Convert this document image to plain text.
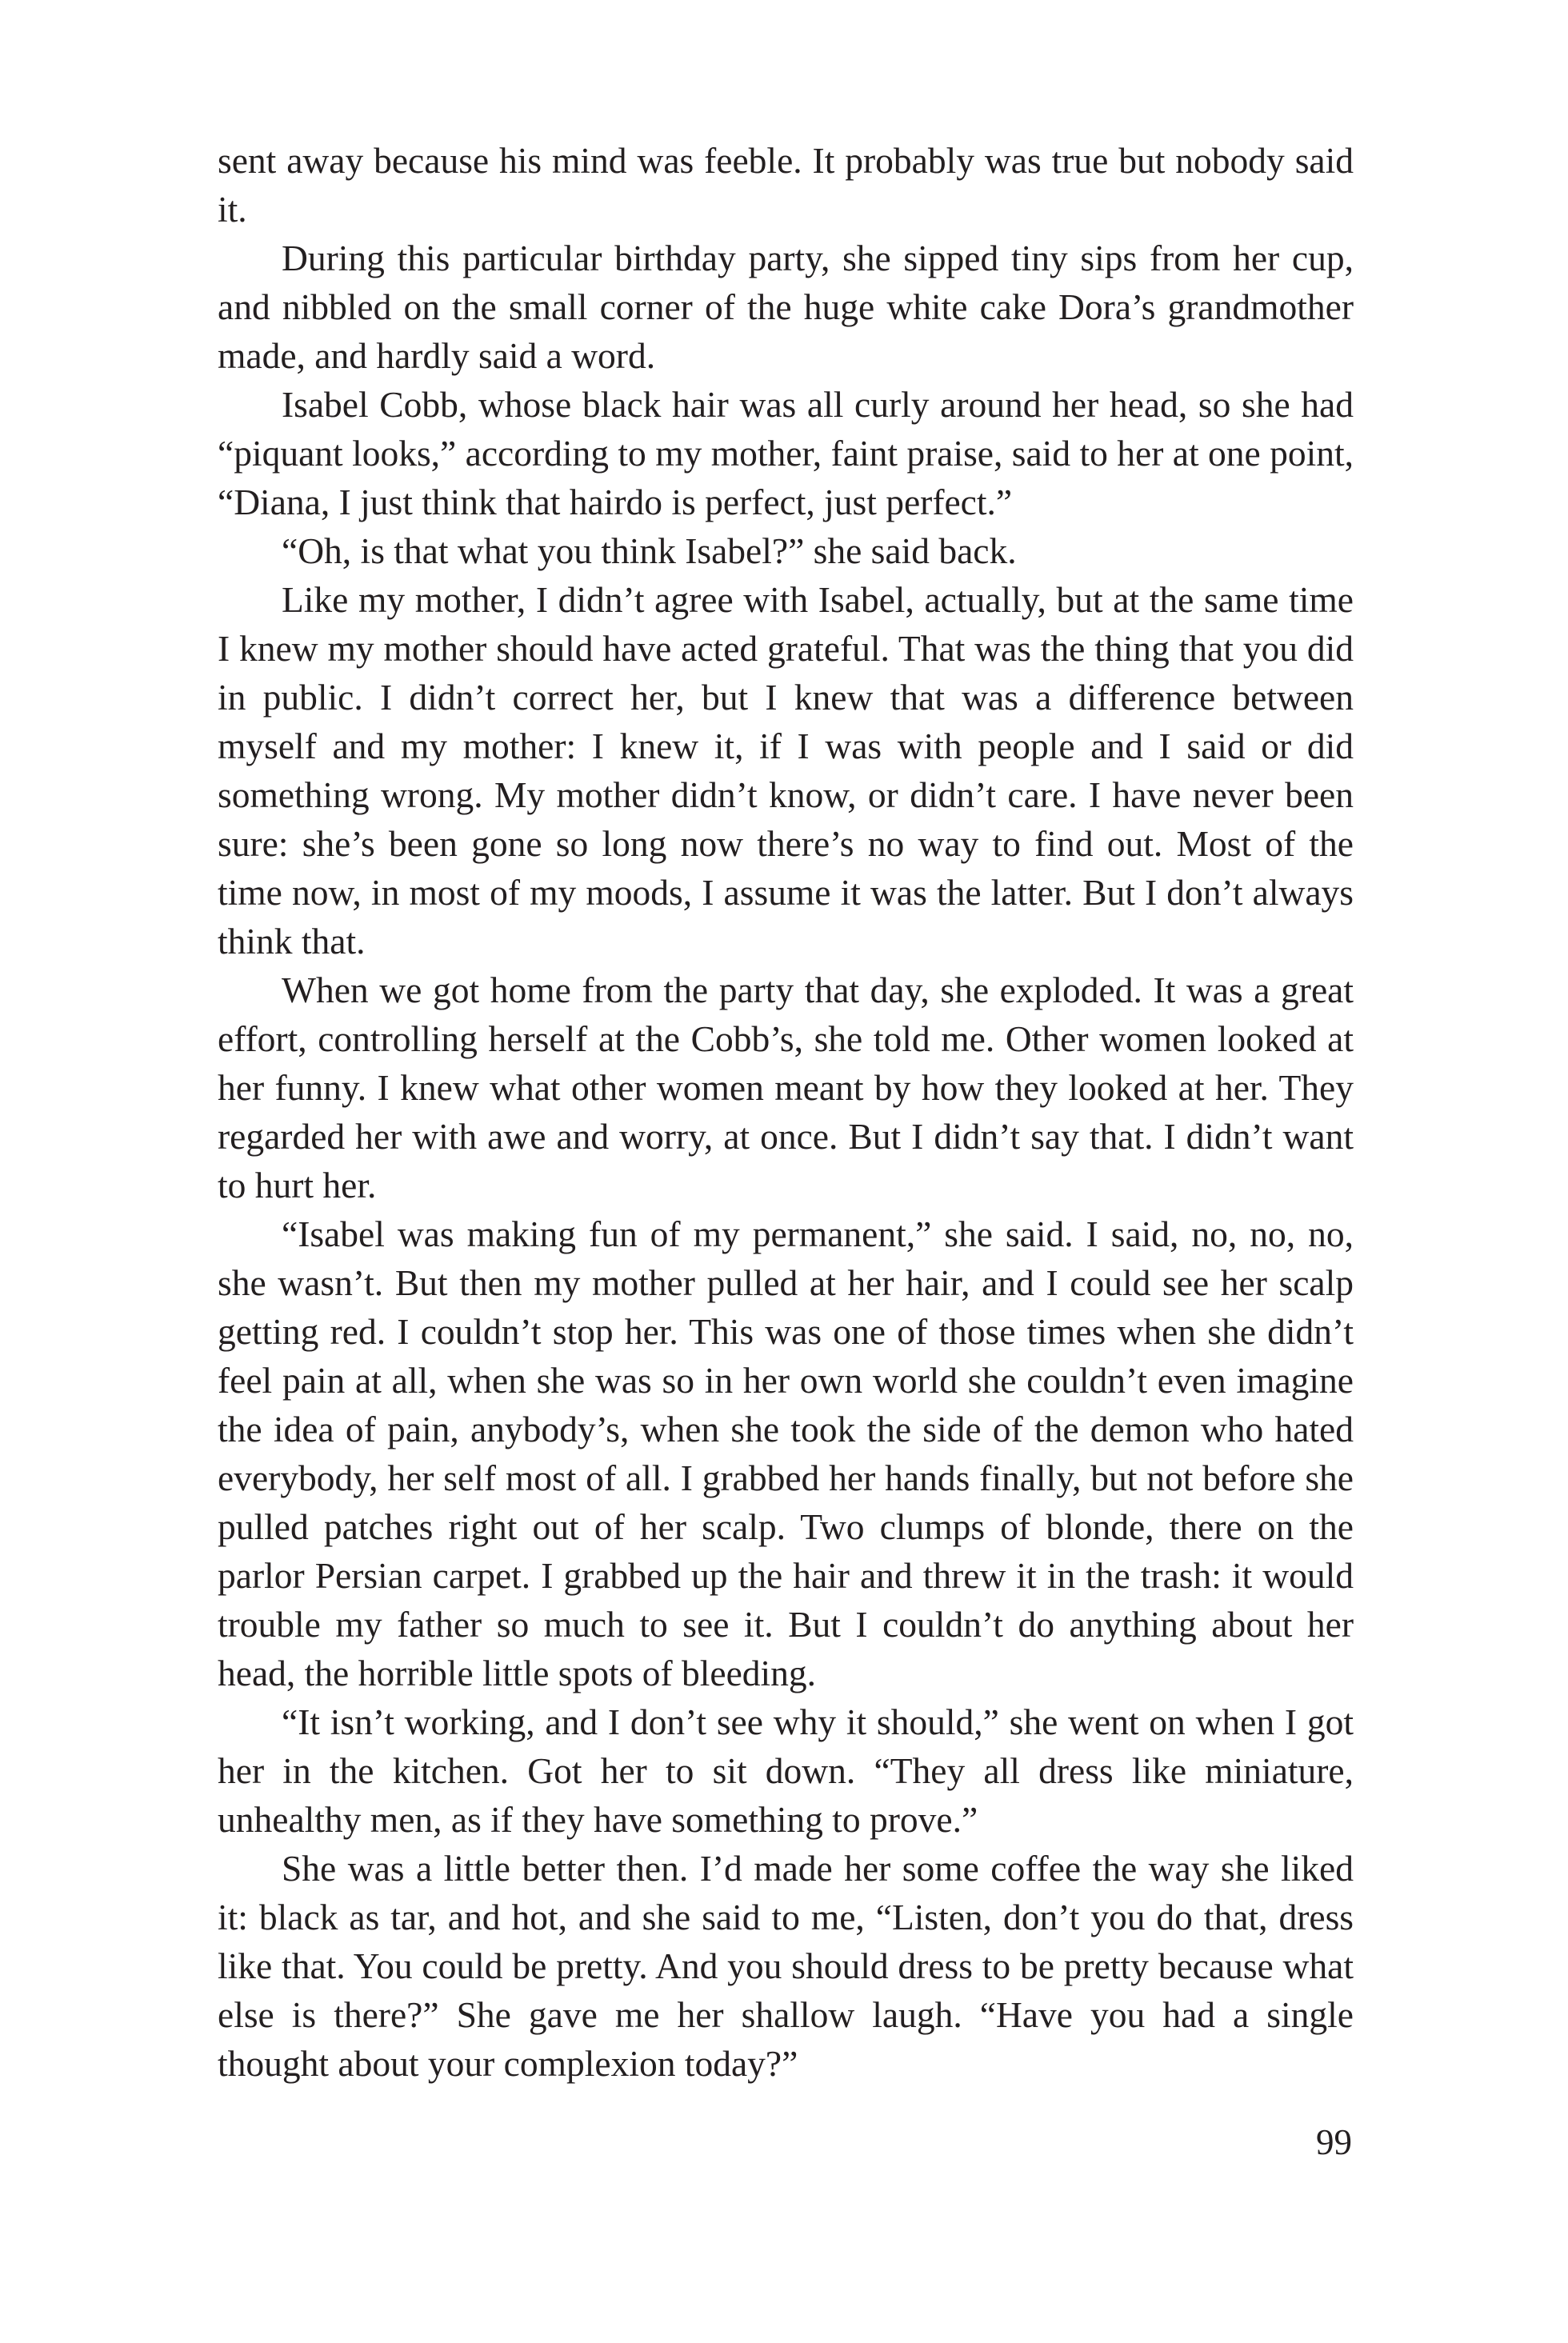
sent away because his mind was feeble. It probably was true but nobody said it.

During this particular birthday party, she sipped tiny sips from her cup, and nibbled on the small corner of the huge white cake Dora’s grandmother made, and hardly said a word.

Isabel Cobb, whose black hair was all curly around her head, so she had “piquant looks,” according to my mother, faint praise, said to her at one point, “Diana, I just think that hairdo is perfect, just perfect.”

“Oh, is that what you think Isabel?” she said back.

Like my mother, I didn’t agree with Isabel, actually, but at the same time I knew my mother should have acted grateful. That was the thing that you did in public. I didn’t correct her, but I knew that was a difference between myself and my mother: I knew it, if I was with people and I said or did something wrong. My mother didn’t know, or didn’t care. I have never been sure: she’s been gone so long now there’s no way to find out. Most of the time now, in most of my moods, I assume it was the latter. But I don’t always think that.

When we got home from the party that day, she exploded. It was a great effort, controlling herself at the Cobb’s, she told me. Other women looked at her funny. I knew what other women meant by how they looked at her. They regarded her with awe and worry, at once. But I didn’t say that. I didn’t want to hurt her.

“Isabel was making fun of my permanent,” she said. I said, no, no, no, she wasn’t. But then my mother pulled at her hair, and I could see her scalp getting red. I couldn’t stop her. This was one of those times when she didn’t feel pain at all, when she was so in her own world she couldn’t even imagine the idea of pain, anybody’s, when she took the side of the demon who hated everybody, her self most of all. I grabbed her hands finally, but not before she pulled patches right out of her scalp. Two clumps of blonde, there on the parlor Persian carpet. I grabbed up the hair and threw it in the trash: it would trouble my father so much to see it. But I couldn’t do anything about her head, the horrible little spots of bleeding.

“It isn’t working, and I don’t see why it should,” she went on when I got her in the kitchen. Got her to sit down. “They all dress like miniature, unhealthy men, as if they have something to prove.”

She was a little better then. I’d made her some coffee the way she liked it: black as tar, and hot, and she said to me, “Listen, don’t you do that, dress like that. You could be pretty. And you should dress to be pretty because what else is there?” She gave me her shallow laugh. “Have you had a single thought about your complexion today?”

99
